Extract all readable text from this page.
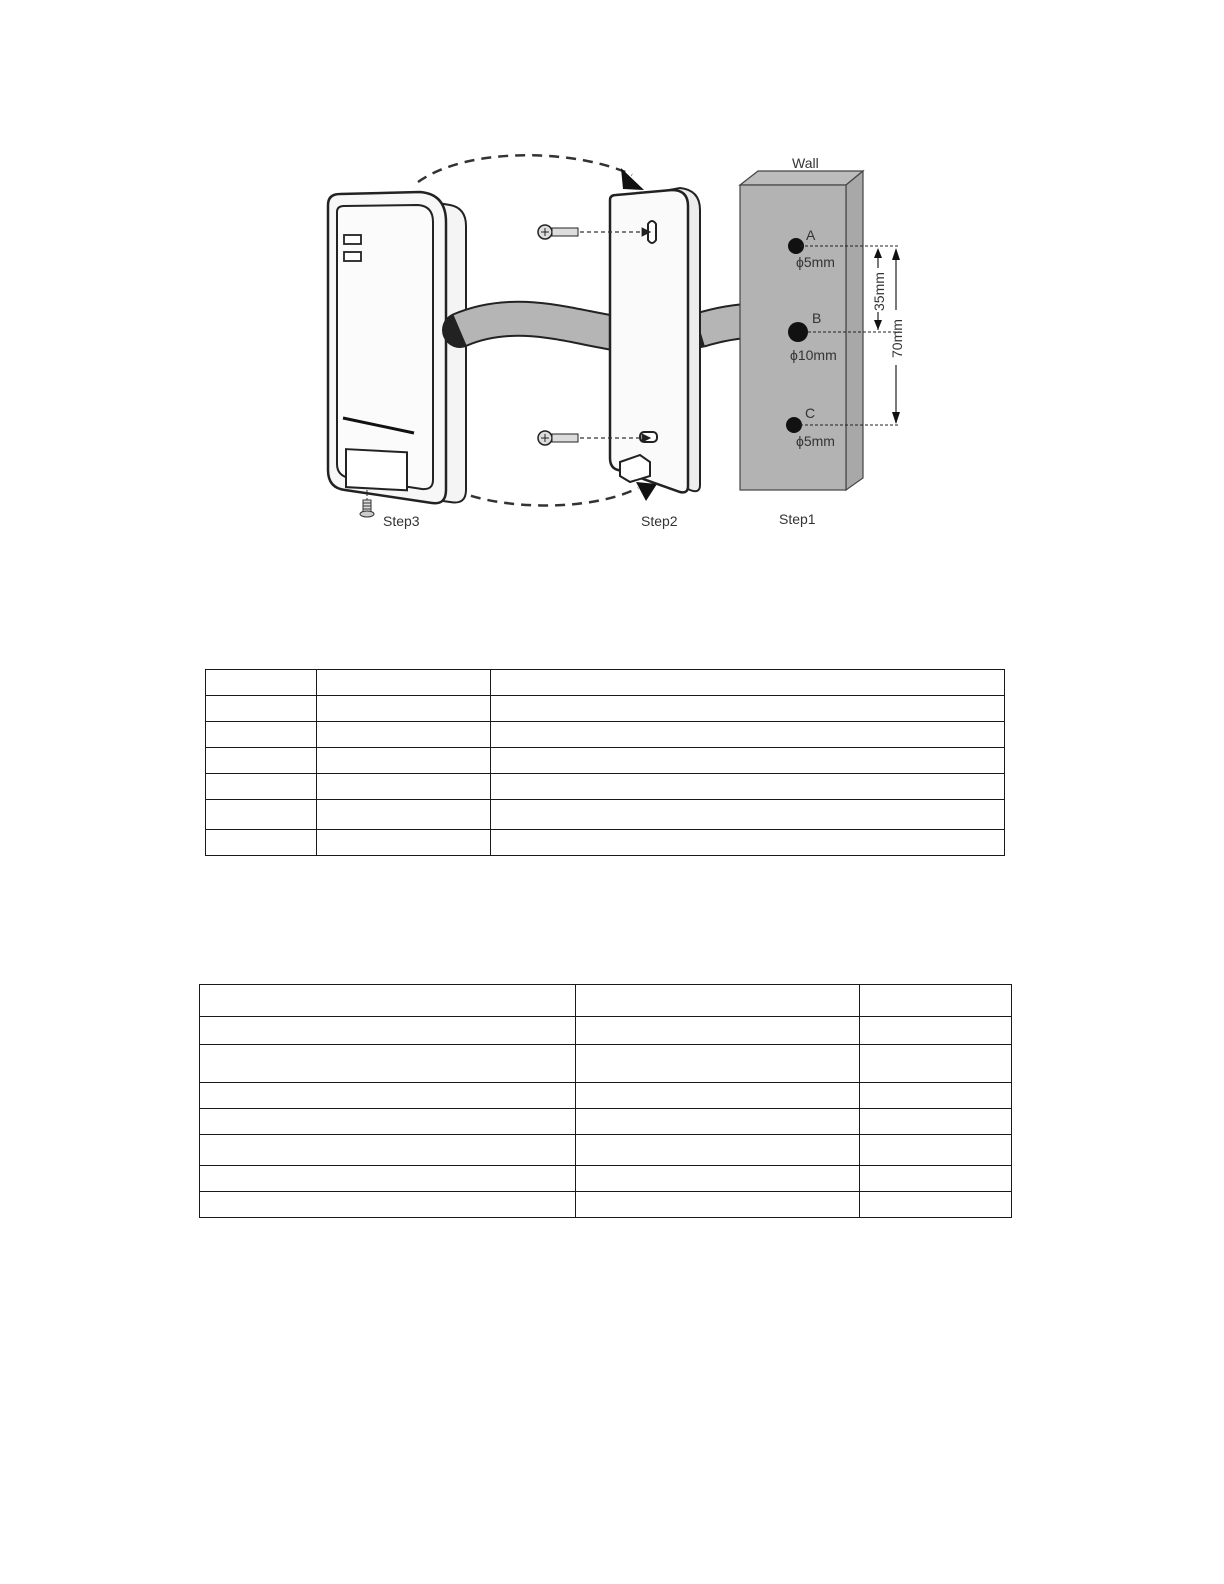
Wall
A
B
C
ϕ5mm
ϕ10mm
ϕ5mm
35mm
70mm
Step3	Step2	Step1
